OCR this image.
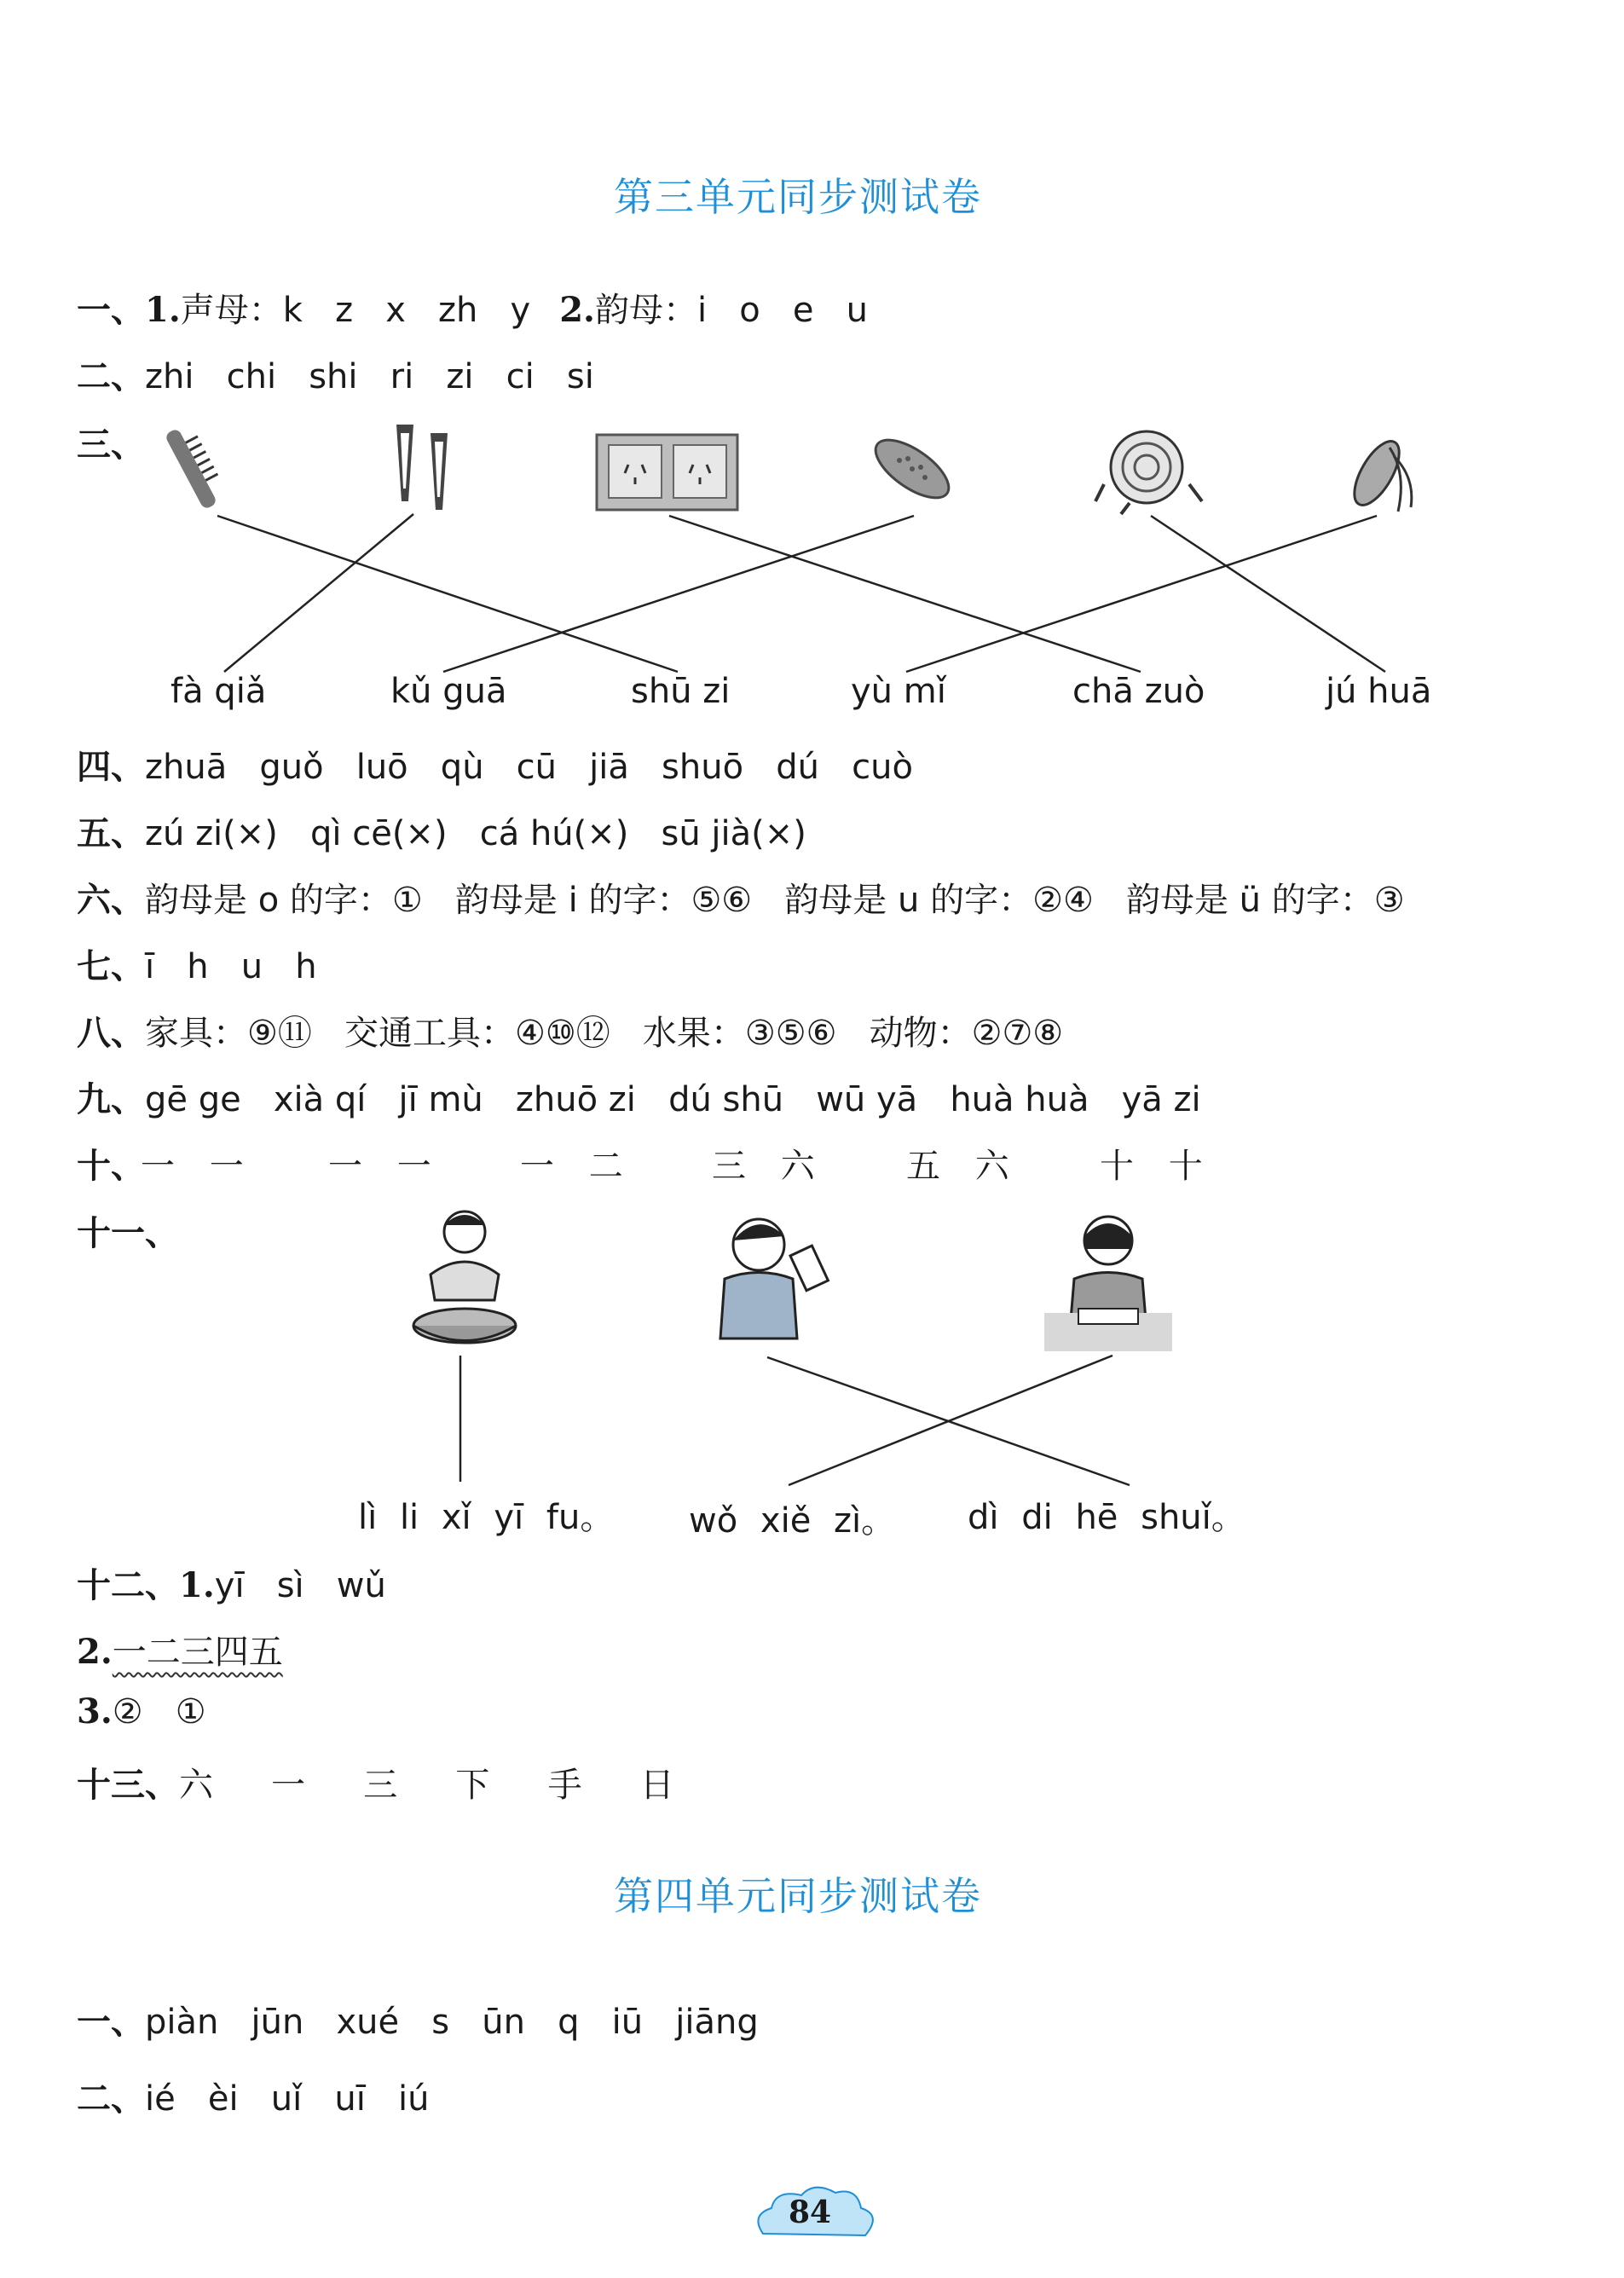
第三单元同步测试卷
一、1.声母：k   z   x   zh   y 2.韵母：i   o   e   u
二、zhi   chi   shi   ri   zi   ci   si
三、
fà qiǎ	kǔ guā	shū zi	yù mǐ	chā zuò	jú huā
四、zhuā   guǒ   luō   qù   cū   jiā   shuō   dú   cuò
五、zú zi(×)   qì cē(×)   cá hú(×)   sū jià(×)
六、韵母是 o 的字：①   韵母是 i 的字：⑤⑥   韵母是 u 的字：②④   韵母是 ü 的字：③
七、ī   h   u   h
八、家具：⑨⑪   交通工具：④⑩⑫   水果：③⑤⑥   动物：②⑦⑧
九、gē ge   xià qí   jī mù   zhuō zi   dú shū   wū yā   huà huà   yā zi
十、
一 一 一 一	一 二	三 六	五 六	十 十
十一、
lì li xǐ yī fu。 wǒ xiě zì。 dì di hē shuǐ。
十二、1.yī   sì   wǔ
2.一二三四五
3.②   ①
十三、六   一   三   下   手   日
第四单元同步测试卷
一、piàn   jūn   xué   s   ūn   q   iū   jiāng
二、ié   èi   uǐ   uī   iú
84
